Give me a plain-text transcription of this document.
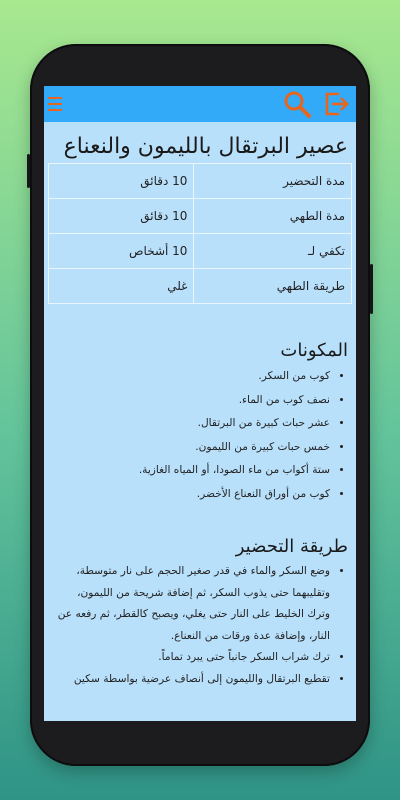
عصير البرتقال بالليمون والنعناع
مدة التحضير	10 دقائق
مدة الطهي	10 دقائق
تكفي لـ	10 أشخاص
طريقة الطهي	غلي
المكونات
• كوب من السكر.
• نصف كوب من الماء.
• عشر حبات كبيرة من البرتقال.
• خمس حبات كبيرة من الليمون.
• ستة أكواب من ماء الصودا، أو المياه الغازية.
• كوب من أوراق النعناع الأخضر.
طريقة التحضير
• وضع السكر والماء في قدر صغير الحجم على نار متوسطة، وتقليبهما حتى يذوب السكر، ثم إضافة شريحة من الليمون، وترك الخليط على النار حتى يغلي، ويصبح كالقطر، ثم رفعه عن النار، وإضافة عدة ورقات من النعناع.
• ترك شراب السكر جانباً حتى يبرد تماماً.
• تقطيع البرتقال والليمون إلى أنصاف عرضية بواسطة سكين
